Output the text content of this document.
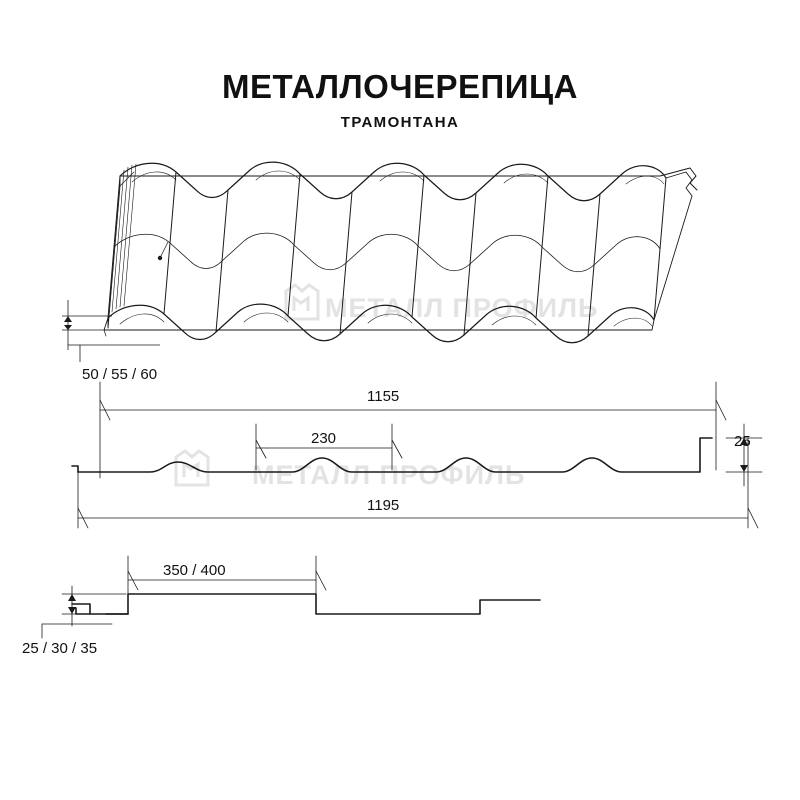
МЕТАЛЛОЧЕРЕПИЦА
ТРАМОНТАНА
МЕТАЛЛ ПРОФИЛЬ
МЕТАЛЛ ПРОФИЛЬ
50 / 55 / 60
1155
230	25
1195
350 / 400
25 / 30 / 35
